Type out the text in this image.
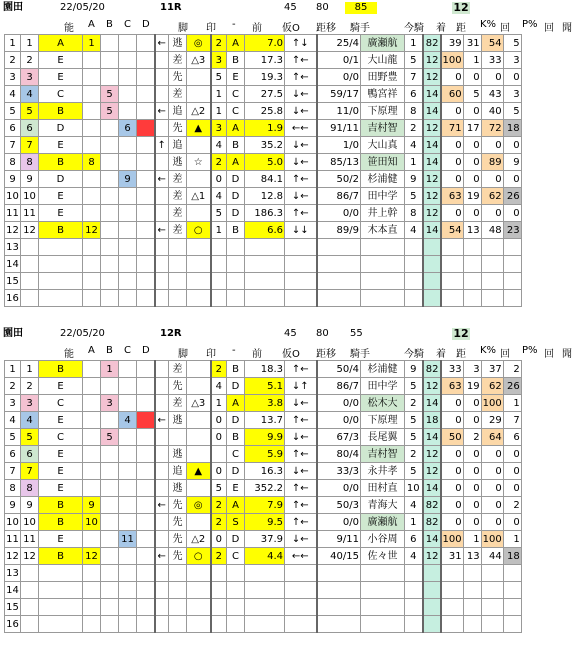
園田	22/05/20	11R	45 80	85	12
能 A B C D	脚 印 - 前 仮O 距移 騎手	今騎 着 距 K% 回 P% 回 聞
1	1	A	1				←	逃	◎	2	A	7.0	↑↓	25/4	廣瀬航	1	82	39	31	54	5
2	2	E						差	△3	3	B	17.3	↑←	0/1	大山龍	5	12	100	1	33	3
3	3	E						先		5	E	19.3	↑←	0/0	田野豊	7	12	0	0	0	0
4	4	C		5				差		1	C	27.5	↓←	59/17	鴨宮祥	6	14	60	5	43	3
5	5	B		5			←	追	△2	1	C	25.8	↓←	11/0	下原理	8	14	0	0	40	5
6	6	D			6			先	▲	3	A	1.9	←←	91/11	吉村智	2	12	71	17	72	18
7	7	E					↑	追		4	B	35.2	↓←	1/0	大山真	4	14	0	0	0	0
8	8	B	8					逃	☆	2	A	5.0	↓←	85/13	笹田知	1	14	0	0	89	9
9	9	D			9		←	差		0	D	84.1	↑←	50/2	杉浦健	9	12	0	0	0	0
10	10	E						差	△1	4	D	12.8	↓←	86/7	田中学	5	12	63	19	62	26
11	11	E						差		5	D	186.3	↑←	0/0	井上幹	8	12	0	0	0	0
12	12	B	12				←	差	○	1	B	6.6	↓↓	89/9	木本直	4	14	54	13	48	23
13																					
14																					
15																					
16																					
園田	22/05/20	12R	45 80 55	12
能 A B C D	脚 印 - 前 仮O 距移 騎手	今騎 着 距 K% 回 P% 回 聞
1	1	B		1				差		2	B	18.3	↑←	50/4	杉浦健	9	82	33	3	37	2
2	2	E						先		4	D	5.1	↓↑	86/7	田中学	5	12	63	19	62	26
3	3	C		3				差	△3	1	A	3.8	↓←	0/0	松木大	2	14	0	0	100	1
4	4	E			4		←	逃		0	D	13.7	↑←	0/0	下原理	5	18	0	0	29	7
5	5	C		5						0	B	9.9	↓←	67/3	長尾翼	5	14	50	2	64	6
6	6	E						逃			C	5.9	↑←	80/4	吉村智	2	12	0	0	0	0
7	7	E						追	▲	0	D	16.3	↓←	33/3	永井孝	5	12	0	0	0	0
8	8	E						逃		5	E	352.2	↑←	0/0	田村直	10	14	0	0	0	0
9	9	B	9				←	先	◎	2	A	7.9	↑←	50/3	青海大	4	82	0	0	0	2
10	10	B	10					先		2	S	9.5	↑←	0/0	廣瀬航	1	82	0	0	0	0
11	11	E			11			先	△2	0	D	37.9	↓←	9/11	小谷周	6	14	100	1	100	1
12	12	B	12				←	先	○	2	C	4.4	←←	40/15	佐々世	4	12	31	13	44	18
13																					
14																					
15																					
16																					
